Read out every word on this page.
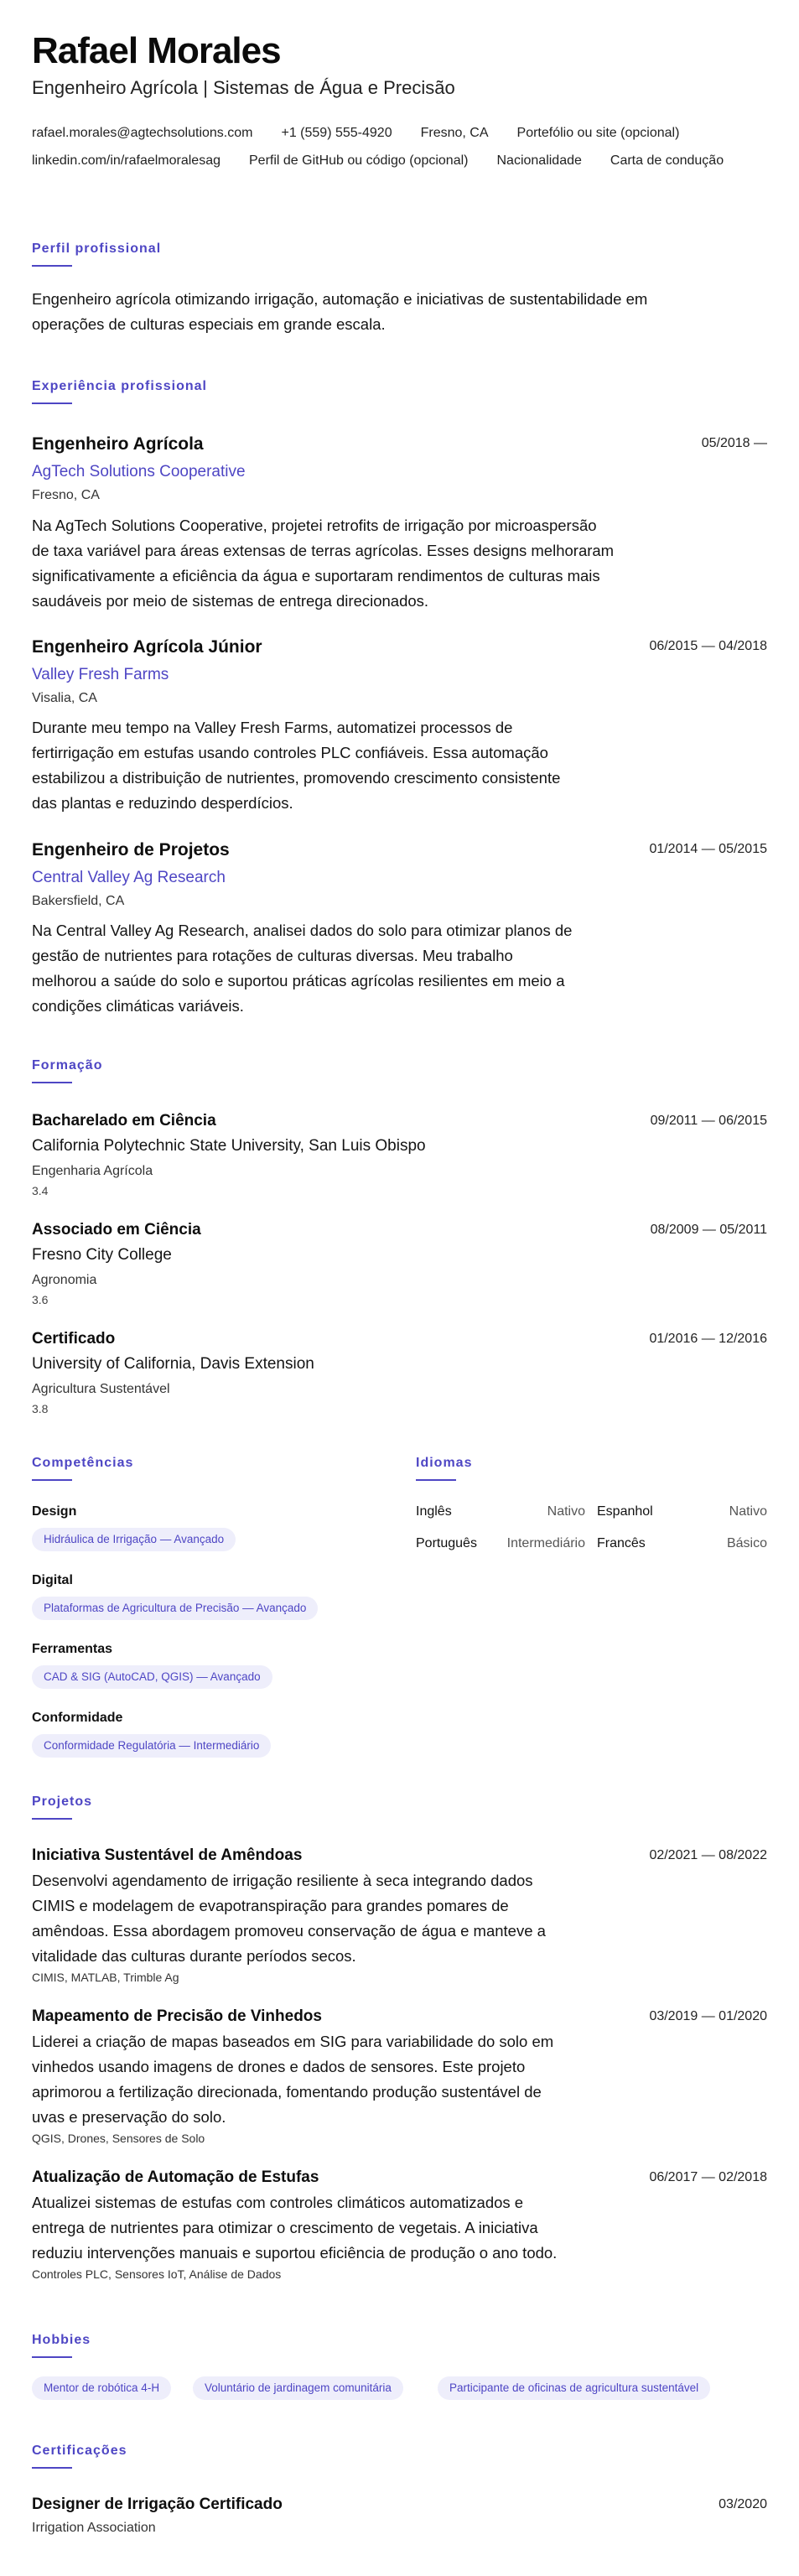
Rafael Morales
Engenheiro Agrícola | Sistemas de Água e Precisão
rafael.morales@agtechsolutions.com +1 (559) 555-4920 Fresno, CA Portefólio ou site (opcional)linkedin.com/in/rafaelmoralesag Perfil de GitHub ou código (opcional) Nacionalidade Carta de condução
Perfil profissional
Engenheiro agrícola otimizando irrigação, automação e iniciativas de sustentabilidade em
operações de culturas especiais em grande escala.
Experiência profissional
Engenheiro Agrícola	05/2018 —
AgTech Solutions Cooperative
Fresno, CA
Na AgTech Solutions Cooperative, projetei retrofits de irrigação por microaspersão
de taxa variável para áreas extensas de terras agrícolas. Esses designs melhoraram
significativamente a eficiência da água e suportaram rendimentos de culturas mais
saudáveis por meio de sistemas de entrega direcionados.
Engenheiro Agrícola Júnior	06/2015 — 04/2018
Valley Fresh Farms
Visalia, CA
Durante meu tempo na Valley Fresh Farms, automatizei processos de
fertirrigação em estufas usando controles PLC confiáveis. Essa automação
estabilizou a distribuição de nutrientes, promovendo crescimento consistente
das plantas e reduzindo desperdícios.
Engenheiro de Projetos	01/2014 — 05/2015
Central Valley Ag Research
Bakersfield, CA
Na Central Valley Ag Research, analisei dados do solo para otimizar planos de
gestão de nutrientes para rotações de culturas diversas. Meu trabalho
melhorou a saúde do solo e suportou práticas agrícolas resilientes em meio a
condições climáticas variáveis.
Formação
Bacharelado em Ciência	09/2011 — 06/2015
California Polytechnic State University, San Luis Obispo
Engenharia Agrícola
3.4
Associado em Ciência	08/2009 — 05/2011
Fresno City College
Agronomia
3.6
Certificado	01/2016 — 12/2016
University of California, Davis Extension
Agricultura Sustentável
3.8
Competências
Design
Hidráulica de Irrigação — Avançado
Digital
Plataformas de Agricultura de Precisão — Avançado
Ferramentas
CAD & SIG (AutoCAD, QGIS) — Avançado
Conformidade
Conformidade Regulatória — Intermediário
Idiomas
Inglês	Nativo Espanhol	Nativo
Português	Intermediário Francês	Básico
Projetos
Iniciativa Sustentável de Amêndoas	02/2021 — 08/2022
Desenvolvi agendamento de irrigação resiliente à seca integrando dados
CIMIS e modelagem de evapotranspiração para grandes pomares de
amêndoas. Essa abordagem promoveu conservação de água e manteve a
vitalidade das culturas durante períodos secos.
CIMIS, MATLAB, Trimble Ag
Mapeamento de Precisão de Vinhedos	03/2019 — 01/2020
Liderei a criação de mapas baseados em SIG para variabilidade do solo em
vinhedos usando imagens de drones e dados de sensores. Este projeto
aprimorou a fertilização direcionada, fomentando produção sustentável de
uvas e preservação do solo.
QGIS, Drones, Sensores de Solo
Atualização de Automação de Estufas	06/2017 — 02/2018
Atualizei sistemas de estufas com controles climáticos automatizados e
entrega de nutrientes para otimizar o crescimento de vegetais. A iniciativa
reduziu intervenções manuais e suportou eficiência de produção o ano todo.
Controles PLC, Sensores IoT, Análise de Dados
Hobbies
Mentor de robótica 4-H	Voluntário de jardinagem comunitária	Participante de oficinas de agricultura sustentável
Certificações
Designer de Irrigação Certificado	03/2020
Irrigation Association
